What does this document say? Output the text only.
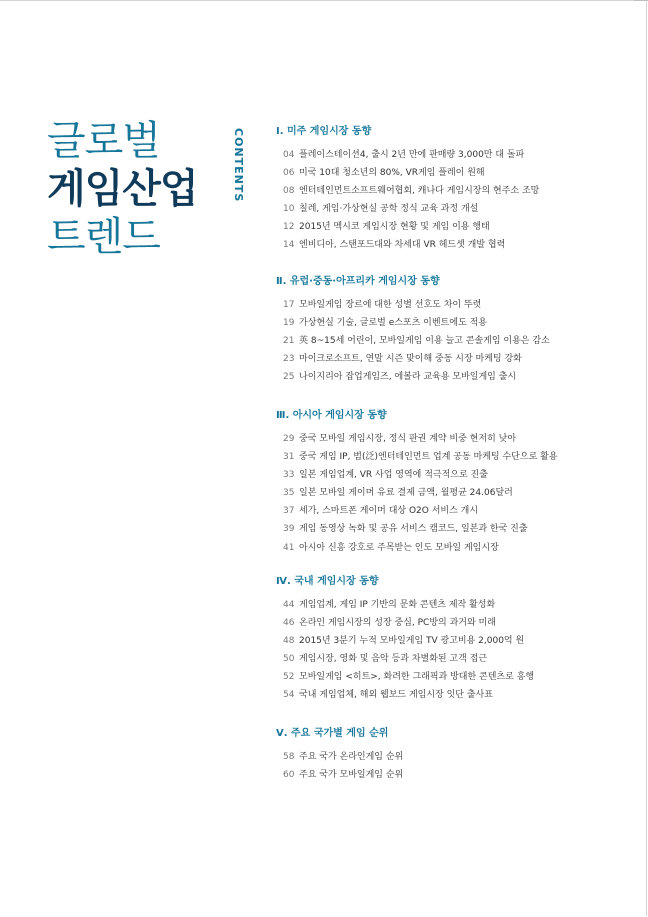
글로벌
게임산업
트렌드
CONTENTS	Ⅰ. 미주 게임시장 동향
04 플레이스테이션4, 출시 2년 만에 판매량 3,000만 대 돌파
06 미국 10대 청소년의 80%, VR게임 플레이 원해
08 엔터테인먼트소프트웨어협회, 캐나다 게임시장의 현주소 조망
10 칠레, 게임·가상현실 공학 정식 교육 과정 개설
12 2015년 멕시코 게임시장 현황 및 게임 이용 행태
14 엔비디아, 스탠포드대와 차세대 VR 헤드셋 개발 협력
Ⅱ. 유럽·중동·아프리카 게임시장 동향
17 모바일게임 장르에 대한 성별 선호도 차이 뚜렷
19 가상현실 기술, 글로벌 e스포츠 이벤트에도 적용
21 英 8~15세 어린이, 모바일게임 이용 늘고 콘솔게임 이용은 감소
23 마이크로소프트, 연말 시즌 맞이해 중동 시장 마케팅 강화
25 나이지리아 잡업게임즈, 에볼라 교육용 모바일게임 출시
Ⅲ. 아시아 게임시장 동향
29 중국 모바일 게임시장, 정식 판권 계약 비중 현저히 낮아
31 중국 게임 IP, 범(泛)엔터테인먼트 업계 공동 마케팅 수단으로 활용
33 일본 게임업계, VR 사업 영역에 적극적으로 진출
35 일본 모바일 게이머 유료 결제 금액, 월평균 24.06달러
37 세가, 스마트폰 게이머 대상 O2O 서비스 개시
39 게임 동영상 녹화 및 공유 서비스 캠코드, 일본과 한국 진출
41 아시아 신흥 강호로 주목받는 인도 모바일 게임시장
Ⅳ. 국내 게임시장 동향
44 게임업계, 게임 IP 기반의 문화 콘텐츠 제작 활성화
46 온라인 게임시장의 성장 중심, PC방의 과거와 미래
48 2015년 3분기 누적 모바일게임 TV 광고비용 2,000억 원
50 게임시장, 영화 및 음악 등과 차별화된 고객 접근
52 모바일게임 <히트>, 화려한 그래픽과 방대한 콘텐츠로 흥행
54 국내 게임업체, 해외 웹보드 게임시장 잇단 출사표
Ⅴ. 주요 국가별 게임 순위
58 주요 국가 온라인게임 순위
60 주요 국가 모바일게임 순위
